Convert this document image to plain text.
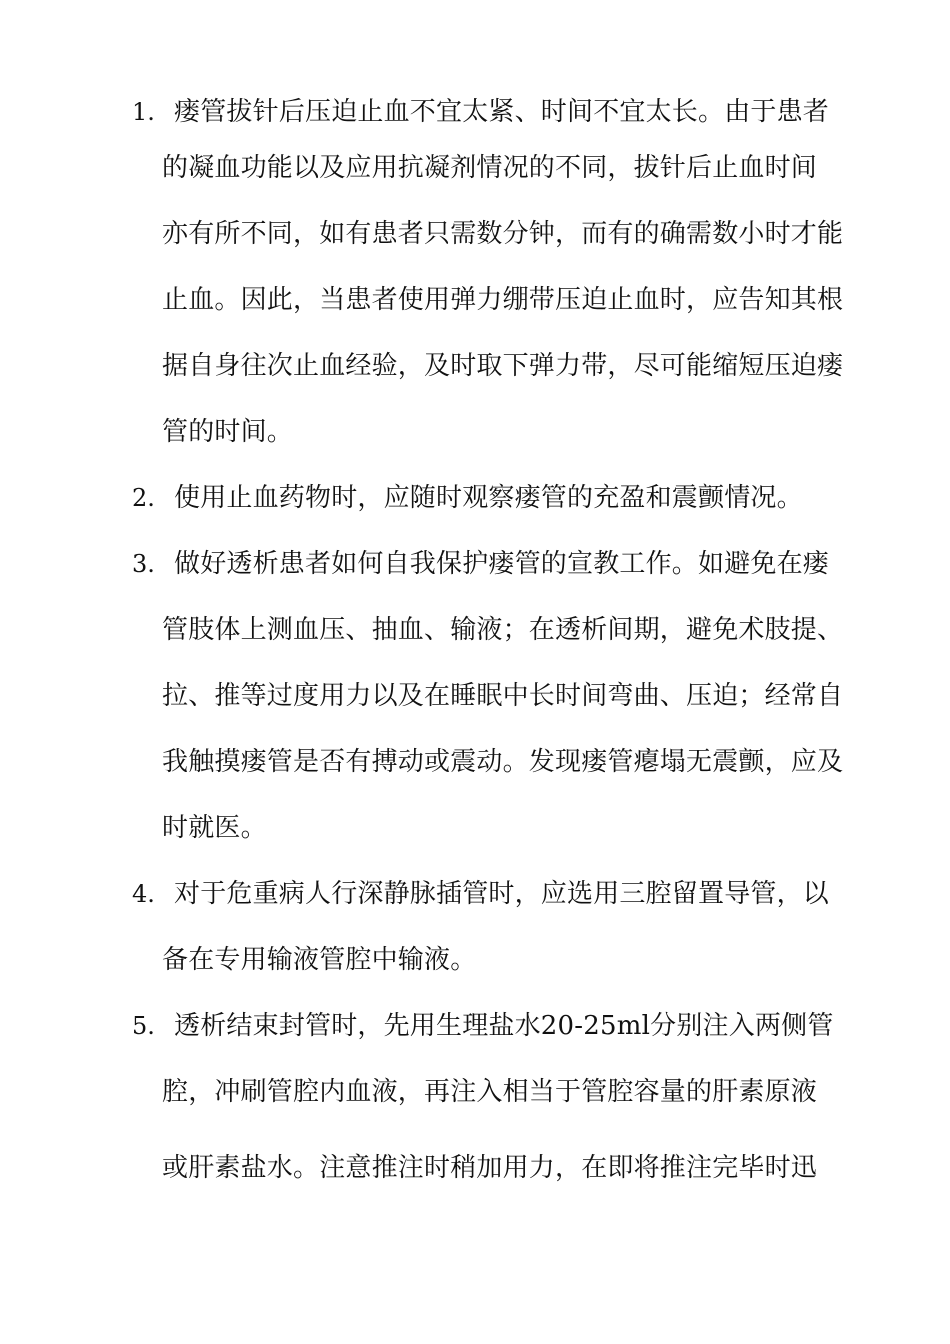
1. 瘘管拔针后压迫止血不宜太紧、时间不宜太长。由于患者
的凝血功能以及应用抗凝剂情况的不同，拔针后止血时间
亦有所不同，如有患者只需数分钟，而有的确需数小时才能
止血。因此，当患者使用弹力绷带压迫止血时，应告知其根
据自身往次止血经验，及时取下弹力带，尽可能缩短压迫瘘
管的时间。
2. 使用止血药物时，应随时观察瘘管的充盈和震颤情况。
3. 做好透析患者如何自我保护瘘管的宣教工作。如避免在瘘
管肢体上测血压、抽血、输液；在透析间期，避免术肢提、
拉、推等过度用力以及在睡眠中长时间弯曲、压迫；经常自
我触摸瘘管是否有搏动或震动。发现瘘管瘪塌无震颤，应及
时就医。
4. 对于危重病人行深静脉插管时，应选用三腔留置导管，以
备在专用输液管腔中输液。
5. 透析结束封管时，先用生理盐水20-25ml分别注入两侧管
腔，冲刷管腔内血液，再注入相当于管腔容量的肝素原液
或肝素盐水。注意推注时稍加用力，在即将推注完毕时迅
